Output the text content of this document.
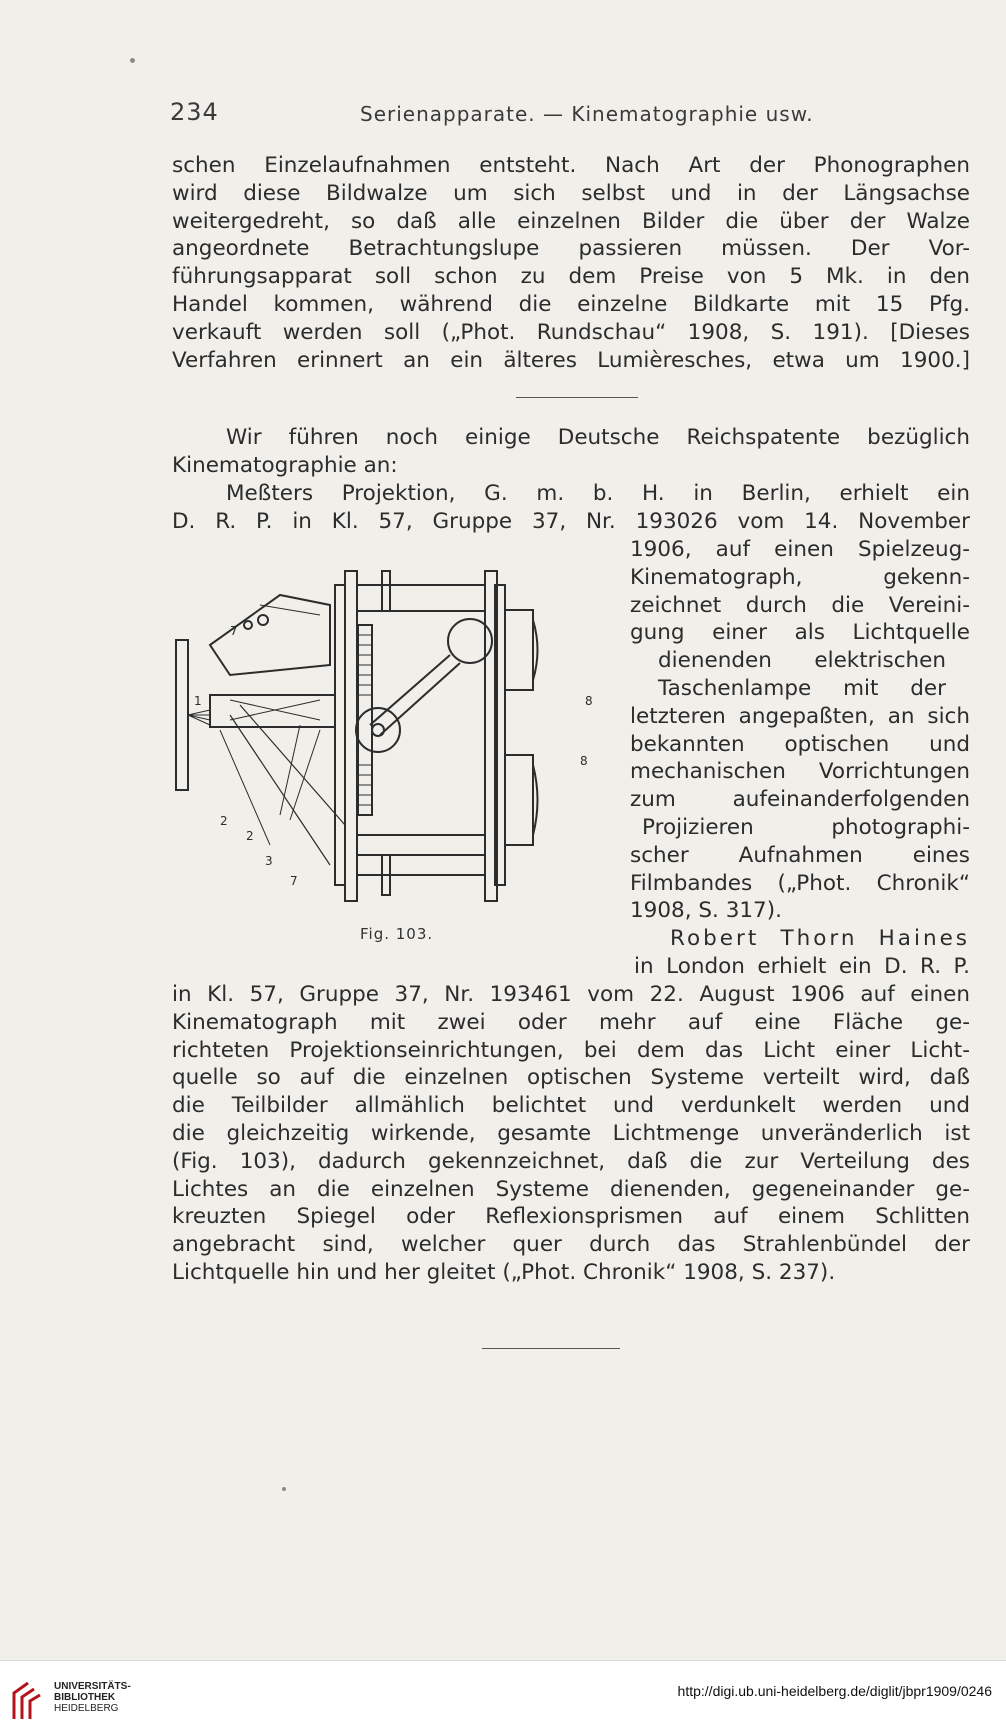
234	Serienapparate. — Kinematographie usw.
schen Einzelaufnahmen entsteht. Nach Art der Phonographen
wird diese Bildwalze um sich selbst und in der Längsachse
weitergedreht, so daß alle einzelnen Bilder die über der Walze
angeordnete Betrachtungslupe passieren müssen. Der Vor-
führungsapparat soll schon zu dem Preise von 5 Mk. in den
Handel kommen, während die einzelne Bildkarte mit 15 Pfg.
verkauft werden soll („Phot. Rundschau“ 1908, S. 191). [Dieses
Verfahren erinnert an ein älteres Lumièresches, etwa um 1900.]
Wir führen noch einige Deutsche Reichspatente bezüglich
Kinematographie an:
Meßters Projektion, G. m. b. H. in Berlin, erhielt ein
D. R. P. in Kl. 57, Gruppe 37, Nr. 193026 vom 14. November
1906, auf einen Spielzeug-
Kinematograph, gekenn-
zeichnet durch die Vereini-
gung einer als Lichtquelle
dienenden elektrischen
Taschenlampe mit der
letzteren angepaßten, an sich
bekannten optischen und
mechanischen Vorrichtungen
zum aufeinanderfolgenden
Projizieren photographi-
scher Aufnahmen eines
Filmbandes („Phot. Chronik“
1908, S. 317).
Robert Thorn Haines
in London erhielt ein D. R. P.
7
1
2
2
3
7
8
8
Fig. 103.
in Kl. 57, Gruppe 37, Nr. 193461 vom 22. August 1906 auf einen
Kinematograph mit zwei oder mehr auf eine Fläche ge-
richteten Projektionseinrichtungen, bei dem das Licht einer Licht-
quelle so auf die einzelnen optischen Systeme verteilt wird, daß
die Teilbilder allmählich belichtet und verdunkelt werden und
die gleichzeitig wirkende, gesamte Lichtmenge unveränderlich ist
(Fig. 103), dadurch gekennzeichnet, daß die zur Verteilung des
Lichtes an die einzelnen Systeme dienenden, gegeneinander ge-
kreuzten Spiegel oder Reflexionsprismen auf einem Schlitten
angebracht sind, welcher quer durch das Strahlenbündel der
Lichtquelle hin und her gleitet („Phot. Chronik“ 1908, S. 237).
UNIVERSITÄTS-
BIBLIOTHEK
HEIDELBERG
http://digi.ub.uni-heidelberg.de/diglit/jbpr1909/0246
